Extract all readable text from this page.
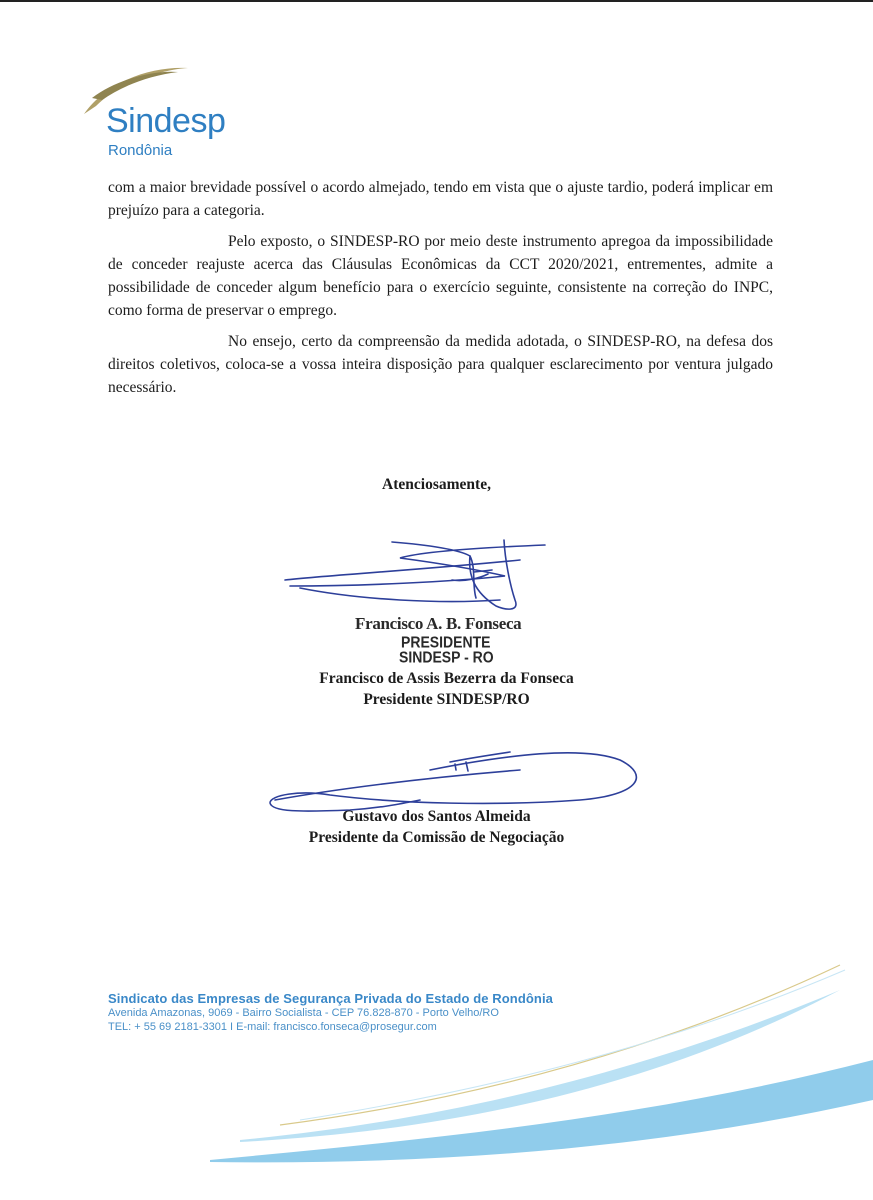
Sindesp
Rondônia

com a maior brevidade possível o acordo almejado, tendo em vista que o ajuste tardio, poderá implicar em prejuízo para a categoria.

Pelo exposto, o SINDESP-RO por meio deste instrumento apregoa da impossibilidade de conceder reajuste acerca das Cláusulas Econômicas da CCT 2020/2021, entrementes, admite a possibilidade de conceder algum benefício para o exercício seguinte, consistente na correção do INPC, como forma de preservar o emprego.

No ensejo, certo da compreensão da medida adotada, o SINDESP-RO, na defesa dos direitos coletivos, coloca-se a vossa inteira disposição para qualquer esclarecimento por ventura julgado necessário.

Atenciosamente,
Francisco A. B. Fonseca
PRESIDENTE
SINDESP - RO
Francisco de Assis Bezerra da Fonseca
Presidente SINDESP/RO
Gustavo dos Santos Almeida
Presidente da Comissão de Negociação
Sindicato das Empresas de Segurança Privada do Estado de Rondônia
Avenida Amazonas, 9069 - Bairro Socialista - CEP 76.828-870 - Porto Velho/RO
TEL: + 55 69 2181-3301 I E-mail: francisco.fonseca@prosegur.com
